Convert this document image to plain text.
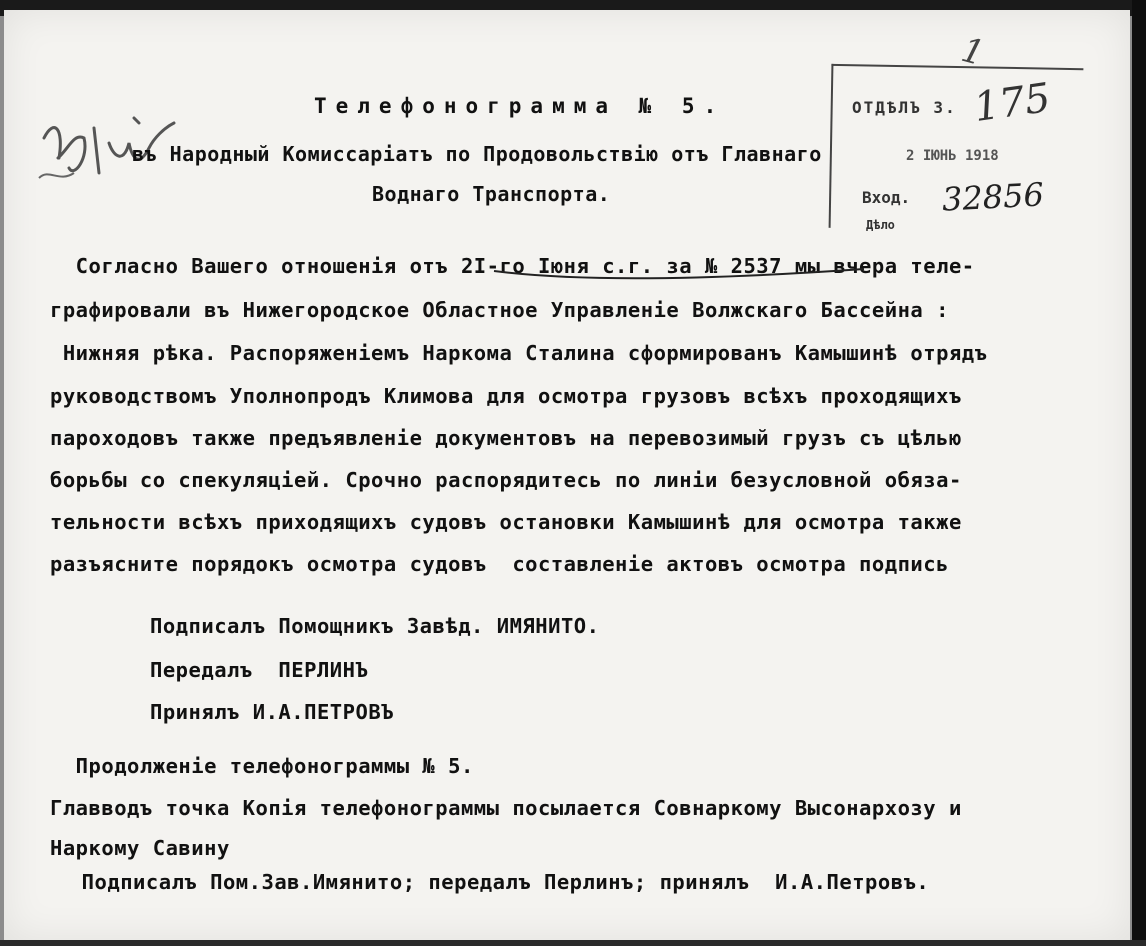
ОТДѢЛЪ З.
2 ІЮНЬ 1918
Вход.
Дѣло
1
175
32856
Телефонограмма № 5.
въ Народный Комиссаріатъ по Продовольствію отъ Главнаго
Воднаго Транспорта.
Согласно Вашего отношенія отъ 2I-го Іюня с.г. за № 2537 мы вчера теле-
графировали въ Нижегородское Областное Управленіе Волжскаго Бассейна :
Нижняя рѣка. Распоряженіемъ Наркома Сталина сформированъ Камышинѣ отрядъ
руководствомъ Уполнопродъ Климова для осмотра грузовъ всѣхъ проходящихъ
пароходовъ также предъявленіе документовъ на перевозимый грузъ съ цѣлью
борьбы со спекуляціей. Срочно распорядитесь по линіи безусловной обяза-
тельности всѣхъ приходящихъ судовъ остановки Камышинѣ для осмотра также
разъясните порядокъ осмотра судовъ  составленіе актовъ осмотра подпись
Подписалъ Помощникъ Завѣд. ИМЯНИТО.
Передалъ  ПЕРЛИНЪ
Принялъ И.А.ПЕТРОВЪ
Продолженіе телефонограммы № 5.
Главводъ точка Копія телефонограммы посылается Совнаркому Высонархозу и
Наркому Савину
Подписалъ Пом.Зав.Имянито; передалъ Перлинъ; принялъ  И.А.Петровъ.
